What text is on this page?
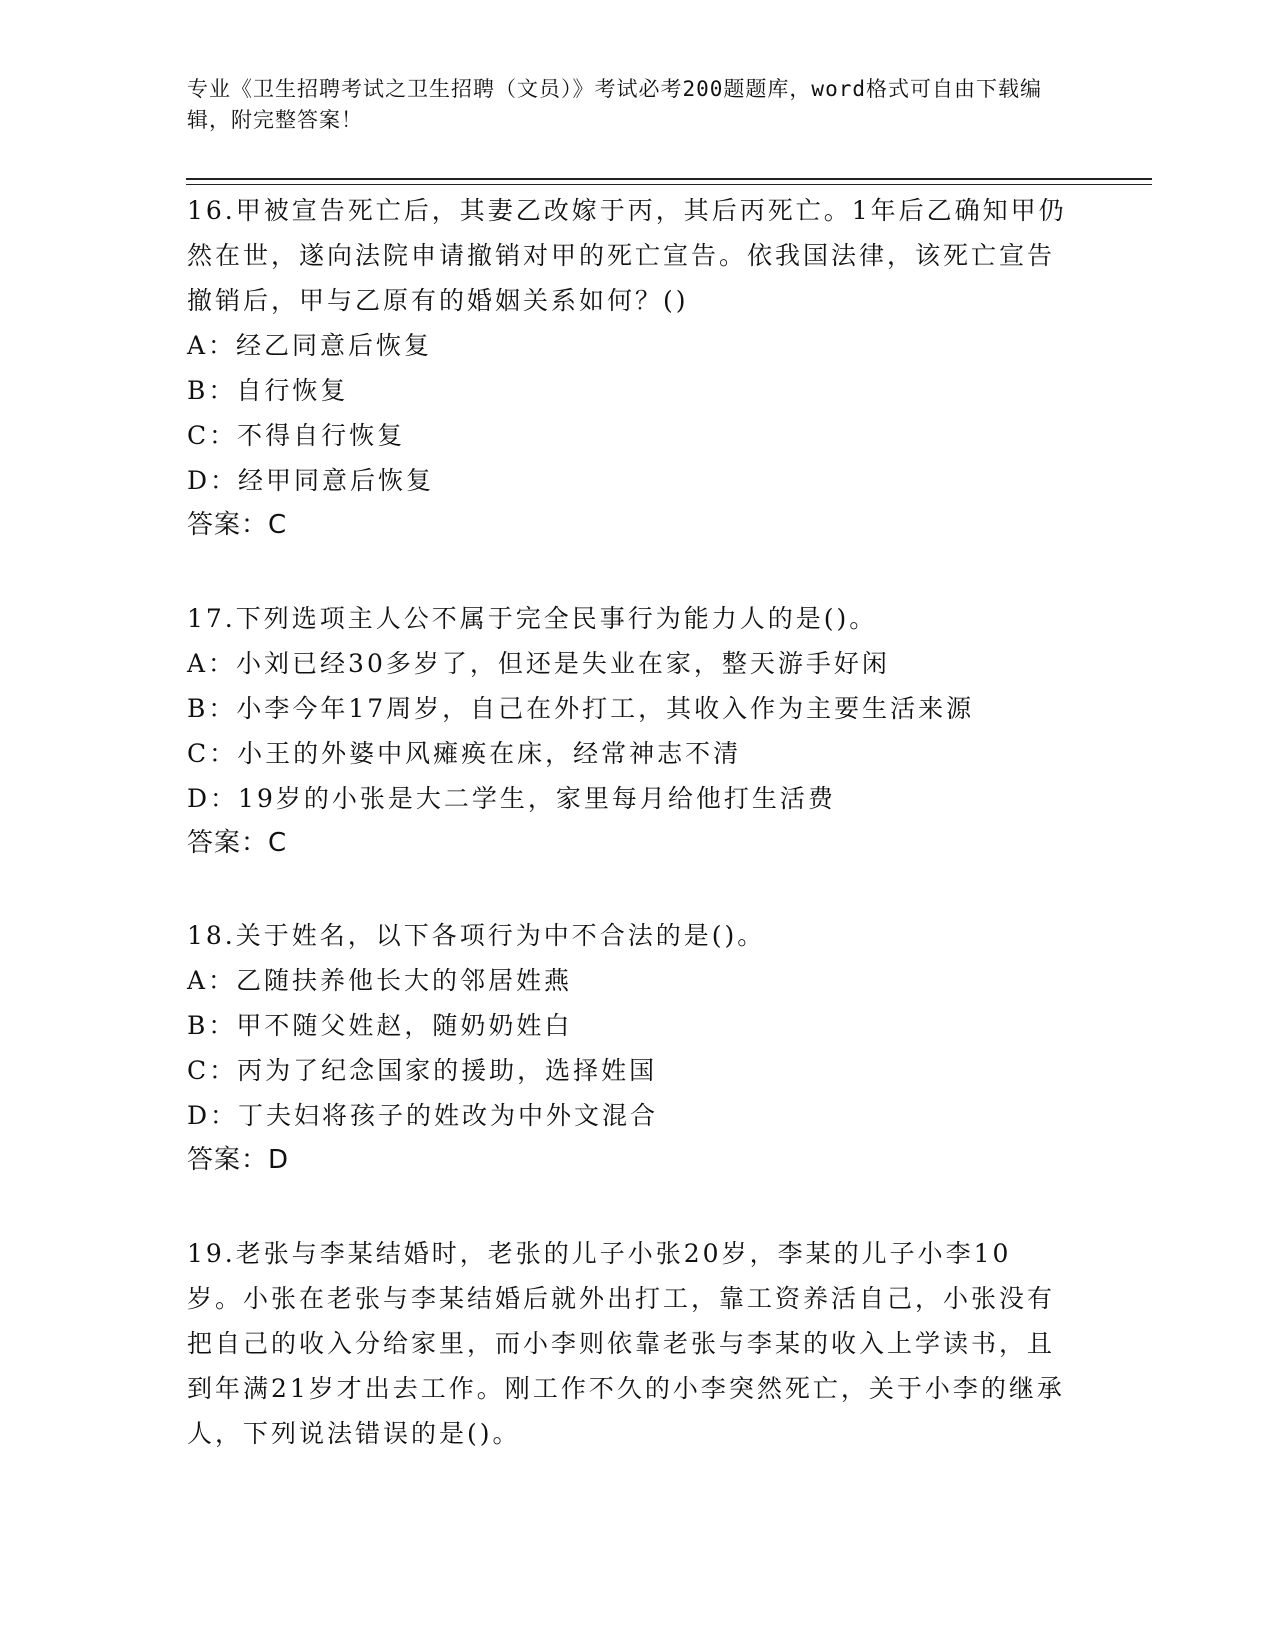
专业《卫生招聘考试之卫生招聘（文员）》考试必考200题题库，word格式可自由下载编辑，附完整答案！

16.甲被宣告死亡后，其妻乙改嫁于丙，其后丙死亡。1年后乙确知甲仍然在世，遂向法院申请撤销对甲的死亡宣告。依我国法律，该死亡宣告撤销后，甲与乙原有的婚姻关系如何？()

A：经乙同意后恢复
B：自行恢复
C：不得自行恢复
D：经甲同意后恢复
答案：C

17.下列选项主人公不属于完全民事行为能力人的是()。

A：小刘已经30多岁了，但还是失业在家，整天游手好闲
B：小李今年17周岁，自己在外打工，其收入作为主要生活来源
C：小王的外婆中风瘫痪在床，经常神志不清
D：19岁的小张是大二学生，家里每月给他打生活费
答案：C

18.关于姓名，以下各项行为中不合法的是()。

A：乙随扶养他长大的邻居姓燕
B：甲不随父姓赵，随奶奶姓白
C：丙为了纪念国家的援助，选择姓国
D：丁夫妇将孩子的姓改为中外文混合
答案：D

19.老张与李某结婚时，老张的儿子小张20岁，李某的儿子小李10岁。小张在老张与李某结婚后就外出打工，靠工资养活自己，小张没有把自己的收入分给家里，而小李则依靠老张与李某的收入上学读书，且到年满21岁才出去工作。刚工作不久的小李突然死亡，关于小李的继承人，下列说法错误的是()。
